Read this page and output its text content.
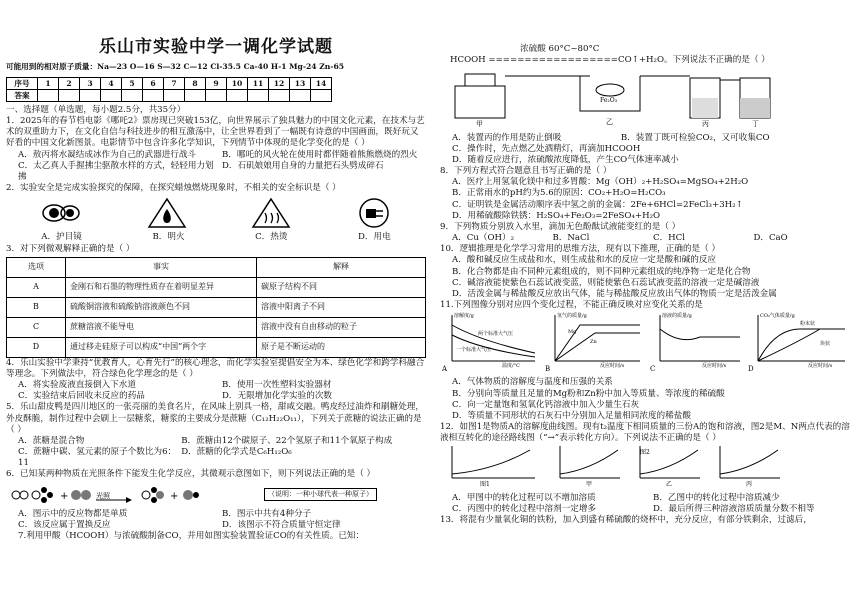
乐山市实验中学一调化学试题
可能用到的相对原子质量：Na—23 O—16 S—32 C—12 Cl-35.5 Ca-40 H-1 Mg-24 Zn-65
序号	1	2	3	4	5	6	7	8	9	10	11	12	13	14
答案														

一、选择题（单选题，每小题2.5分，共35分）

1．2025年的春节档电影《哪吒2》票房现已突破153亿，向世界展示了独具魅力的中国文化元素，在技术与艺术的双重助力下，在文化自信与科技进步的相互激荡中，让全世界看到了一幅既有诗意的中国画面，既好玩又好看的中国文化新图景。电影情节中包含许多化学知识，下列情节中体现的是化学变化的是（ ）

A．敖丙将水凝结成冰作为自己的武器进行战斗	B．哪吒的风火轮在使用时都伴随着熊熊燃烧的烈火
C．太乙真人手握拂尘驱散水样的方式，轻轻用力划拂
D．石矶娘娘用自身的力量把石头劈成碎石

2．实验安全是完成实验探究的保障，在探究蜡烛燃烧现象时，不相关的安全标识是（ ）

A．护目镜	B．明火	C．热烫	D．用电

3．对下列微观解释正确的是（ ）

选项	事实	解释
A	金刚石和石墨的物理性质存在着明显差异	碳原子结构不同
B	硫酸铜溶液和硫酸钠溶液颜色不同	溶液中阳离子不同
C	蔗糖溶液不能导电	溶液中没有自由移动的粒子
D	通过移走硅原子可以构成“中国”两个字	原子是不断运动的

4．乐山实验中学秉持“优教育人，心育先行”的核心理念，而化学实验室提倡安全为本、绿色化学和跨学科融合等理念。下列做法中，符合绿色化学理念的是（ ）

A．将实验废液直接倒入下水道	B．使用一次性塑料实验器材
C．实验结束后回收未反应的药品	D．无限增加化学实验的次数

5．乐山甜皮鸭是四川地区的一张亮丽的美食名片，在风味上别具一格，甜咸交融。鸭皮经过油炸和刷糖处理，外皮酥脆，制作过程中会刷上一层糖浆，糖浆的主要成分是蔗糖（C₁₂H₂₂O₁₁），下列关于蔗糖的说法正确的是（ ）

A．蔗糖是混合物	B．蔗糖由12个碳原子、22个氢原子和11个氧原子构成
C．蔗糖中碳、氢元素的原子个数比为6：11
D．蔗糖的化学式是C₆H₁₂O₆

6．已知某两种物质在光照条件下能发生化学反应，其微观示意图如下，则下列说法正确的是（ ）

+	光照	+	（说明：一种小球代表一种原子）
A．图示中的反应物都是单质	B．图示中共有4种分子
C．该反应属于置换反应	D．该图示不符合质量守恒定律

7.利用甲酸（HCOOH）与浓硫酸制备CO，并用如图实验装置验证CO的有关性质。已知：

浓硫酸 60°C~80°C

HCOOH ==================CO↑+H₂O。下列说法不正确的是（ ）

甲	乙	丙	丁
Fe₂O₃
A．装置丙的作用是防止倒吸	B．装置丁既可检验CO₂，又可收集CO
C．操作时，先点燃乙处酒精灯，再滴加HCOOH
D．随着反应进行，浓硫酸浓度降低，产生CO气体速率减小

8．下列方程式符合题意且书写正确的是（ ）

A．医疗上用氢氧化镁中和过多胃酸：Mg（OH）₂+H₂SO₄=MgSO₄+2H₂O

B．正常雨水的pH约为5.6的原因：CO₂+H₂O=H₂CO₃

C．证明铁是金属活动顺序表中氢之前的金属：2Fe+6HCl=2FeCl₃+3H₂↑

D．用稀硫酸除铁锈：H₂SO₄+Fe₂O₃=2FeSO₄+H₂O

9．下列物质分别放入水里，滴加无色酚酞试液能变红的是（ ）

A．Cu（OH）₂	B．NaCl	C．HCl	D．CaO

10．逻辑推理是化学学习常用的思维方法，现有以下推理，正确的是（ ）

A．酸和碱反应生成盐和水，则生成盐和水的反应一定是酸和碱的反应

B．化合物都是由不同种元素组成的，则不同种元素组成的纯净物一定是化合物

C．碱溶液能使紫色石蕊试液变蓝，则能使紫色石蕊试液变蓝的溶液一定是碱溶液

D．活泼金属与稀盐酸反应放出气体，能与稀盐酸反应放出气体的物质一定是活泼金属

11.下列图像分别对应四个变化过程，不能正确反映对应变化关系的是

溶解度/g
两个标准大气压
一个标准大气压
温度/°C
A
氢气的质量/g
Mg
Zn
反应时间/s
B
溶液的质量/g
反应时间/s
C
CO₂气体质量/g
粉末状
块状
反应时间/s
D

A．气体物质的溶解度与温度和压强的关系

B．分别向等质量且足量的Mg粉和Zn粉中加入等质量、等浓度的稀硫酸

C．向一定量饱和氢氧化钙溶液中加入少量生石灰

D．等质量不同形状的石灰石中分别加入足量相同浓度的稀盐酸

12．如图1是物质A的溶解度曲线图。现有t₂温度下相同质量的三份A的饱和溶液，图2是M、N两点代表的溶液相互转化的途径路线图（“→”表示转化方向）。下列说法不正确的是（ ）

图1	甲	乙	丙
图2
A．甲图中的转化过程可以不增加溶质	B．乙图中的转化过程中溶质减少
C．丙图中的转化过程中溶剂一定增多	D．最后所得三种溶液溶质质量分数不相等

13．将混有少量氧化铜的铁粉，加入到盛有稀硫酸的烧杯中，充分反应，有部分铁剩余，过滤后，
